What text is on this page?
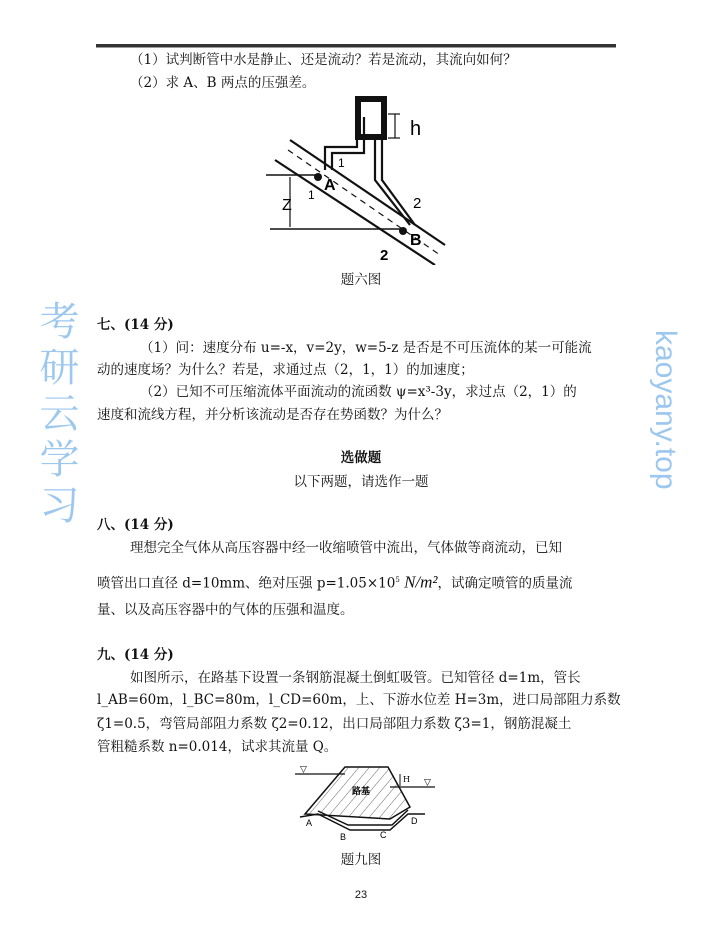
（1）试判断管中水是静止、还是流动？若是流动，其流向如何？
（2）求 A、B 两点的压强差。
h
A
B
Z
1
1	2
2
题六图
七、(14 分)
（1）问：速度分布 u=-x，v=2y，w=5-z 是否是不可压流体的某一可能流
动的速度场？为什么？若是，求通过点（2，1，1）的加速度；
（2）已知不可压缩流体平面流动的流函数 ψ=x³-3y，求过点（2，1）的
速度和流线方程，并分析该流动是否存在势函数？为什么？
选做题
以下两题，请选作一题
八、(14 分)
理想完全气体从高压容器中经一收缩喷管中流出，气体做等商流动，已知
喷管出口直径 d=10mm、绝对压强 $p=1.05\times 10^5$ N/m²，试确定喷管的质量流
量、以及高压容器中的气体的压强和温度。
九、(14 分)
如图所示，在路基下设置一条钢筋混凝土倒虹吸管。已知管径 d=1m，管长
l_AB=60m，l_BC=80m，l_CD=60m，上、下游水位差 H=3m，进口局部阻力系数
ζ1=0.5，弯管局部阻力系数 ζ2=0.12，出口局部阻力系数 ζ3=1，钢筋混凝土
管粗糙系数 n=0.014，试求其流量 Q。
路基
H
A
B	C
D
▽
▽
题九图
23
考研云学习	kaoyany.top
